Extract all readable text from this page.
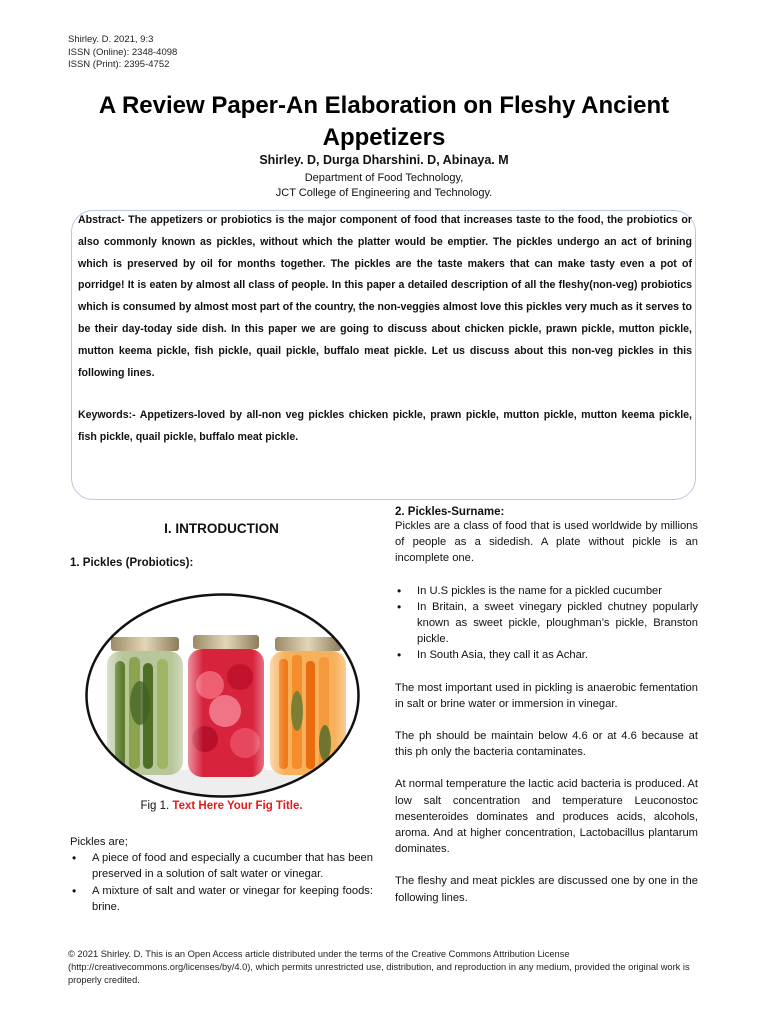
Shirley. D. 2021, 9:3
ISSN (Online): 2348-4098
ISSN (Print): 2395-4752
A Review Paper-An Elaboration on Fleshy Ancient
Appetizers
Shirley. D, Durga Dharshini. D, Abinaya. M
Department of Food Technology,
JCT College of Engineering and Technology.
Abstract- The appetizers or probiotics is the major component of food that increases taste to the food, the probiotics or also commonly known as pickles, without which the platter would be emptier. The pickles undergo an act of brining which is preserved by oil for months together. The pickles are the taste makers that can make tasty even a pot of porridge! It is eaten by almost all class of people. In this paper a detailed description of all the fleshy(non-veg) probiotics which is consumed by almost most part of the country, the non-veggies almost love this pickles very much as it serves to be their day-today side dish. In this paper we are going to discuss about chicken pickle, prawn pickle, mutton pickle, mutton keema pickle, fish pickle, quail pickle, buffalo meat pickle. Let us discuss about this non-veg pickles in this following lines.
Keywords:- Appetizers-loved by all-non veg pickles chicken pickle, prawn pickle, mutton pickle, mutton keema pickle, fish pickle, quail pickle, buffalo meat pickle.
I. INTRODUCTION
1. Pickles (Probiotics):
Fig 1. Text Here Your Fig Title.

Pickles are;

• A piece of food and especially a cucumber that has been preserved in a solution of salt water or vinegar.
• A mixture of salt and water or vinegar for keeping foods: brine.
2. Pickles-Surname:

Pickles are a class of food that is used worldwide by millions of people as a sidedish. A plate without pickle is an incomplete one.

• In U.S pickles is the name for a pickled cucumber
• In Britain, a sweet vinegary pickled chutney popularly known as sweet pickle, ploughman’s pickle, Branston pickle.
• In South Asia, they call it as Achar.

The most important used in pickling is anaerobic fementation in salt or brine water or immersion in vinegar.

The ph should be maintain below 4.6 or at 4.6 because at this ph only the bacteria contaminates.

At normal temperature the lactic acid bacteria is produced. At low salt concentration and temperature Leuconostoc mesenteroides dominates and produces acids, alcohols, aroma. And at higher concentration, Lactobacillus plantarum dominates.

The fleshy and meat pickles are discussed one by one in the following lines.

© 2021 Shirley. D. This is an Open Access article distributed under the terms of the Creative Commons Attribution License (http://creativecommons.org/licenses/by/4.0), which permits unrestricted use, distribution, and reproduction in any medium, provided the original work is properly credited.
